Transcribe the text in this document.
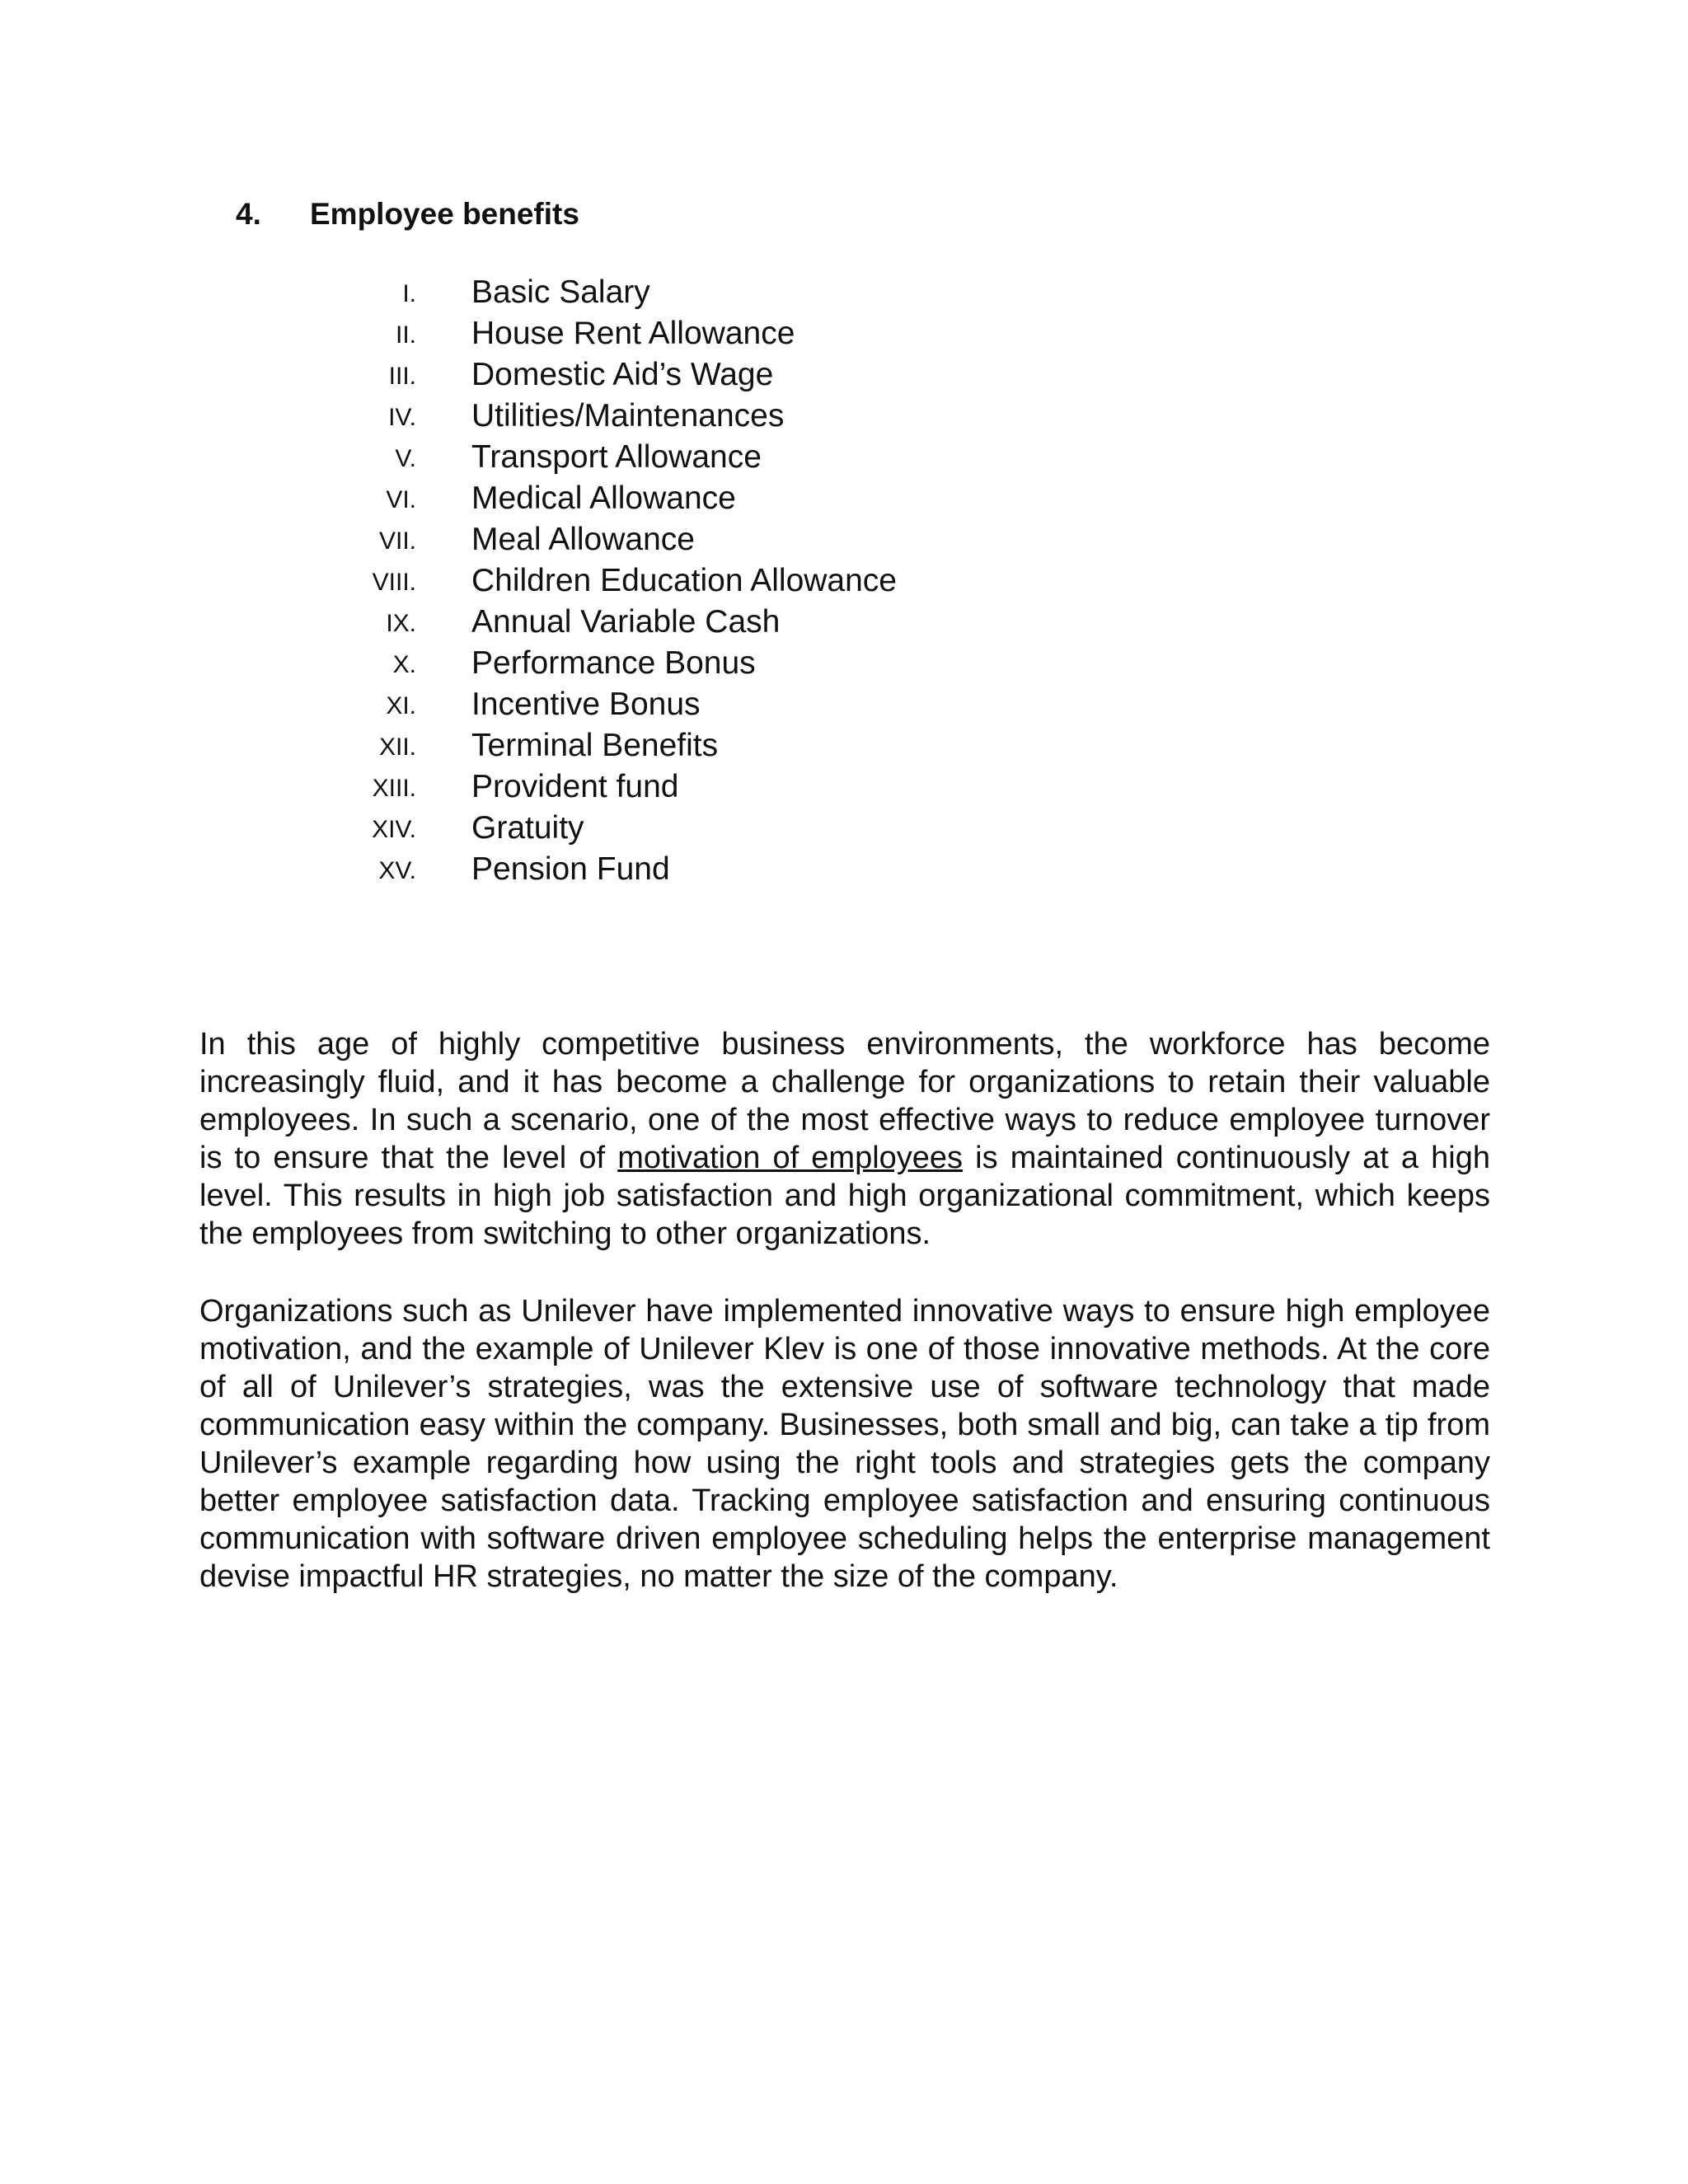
4. Employee benefits
I. Basic Salary
II. House Rent Allowance
III. Domestic Aid’s Wage
IV. Utilities/Maintenances
V. Transport Allowance
VI. Medical Allowance
VII. Meal Allowance
VIII. Children Education Allowance
IX. Annual Variable Cash
X. Performance Bonus
XI. Incentive Bonus
XII. Terminal Benefits
XIII. Provident fund
XIV. Gratuity
XV. Pension Fund

In this age of highly competitive business environments, the workforce has become increasingly fluid, and it has become a challenge for organizations to retain their valuable employees. In such a scenario, one of the most effective ways to reduce employee turnover is to ensure that the level of motivation of employees is maintained continuously at a high level. This results in high job satisfaction and high organizational commitment, which keeps the employees from switching to other organizations.

Organizations such as Unilever have implemented innovative ways to ensure high employee motivation, and the example of Unilever Klev is one of those innovative methods. At the core of all of Unilever’s strategies, was the extensive use of software technology that made communication easy within the company. Businesses, both small and big, can take a tip from Unilever’s example regarding how using the right tools and strategies gets the company better employee satisfaction data. Tracking employee satisfaction and ensuring continuous communication with software driven employee scheduling helps the enterprise management devise impactful HR strategies, no matter the size of the company.
